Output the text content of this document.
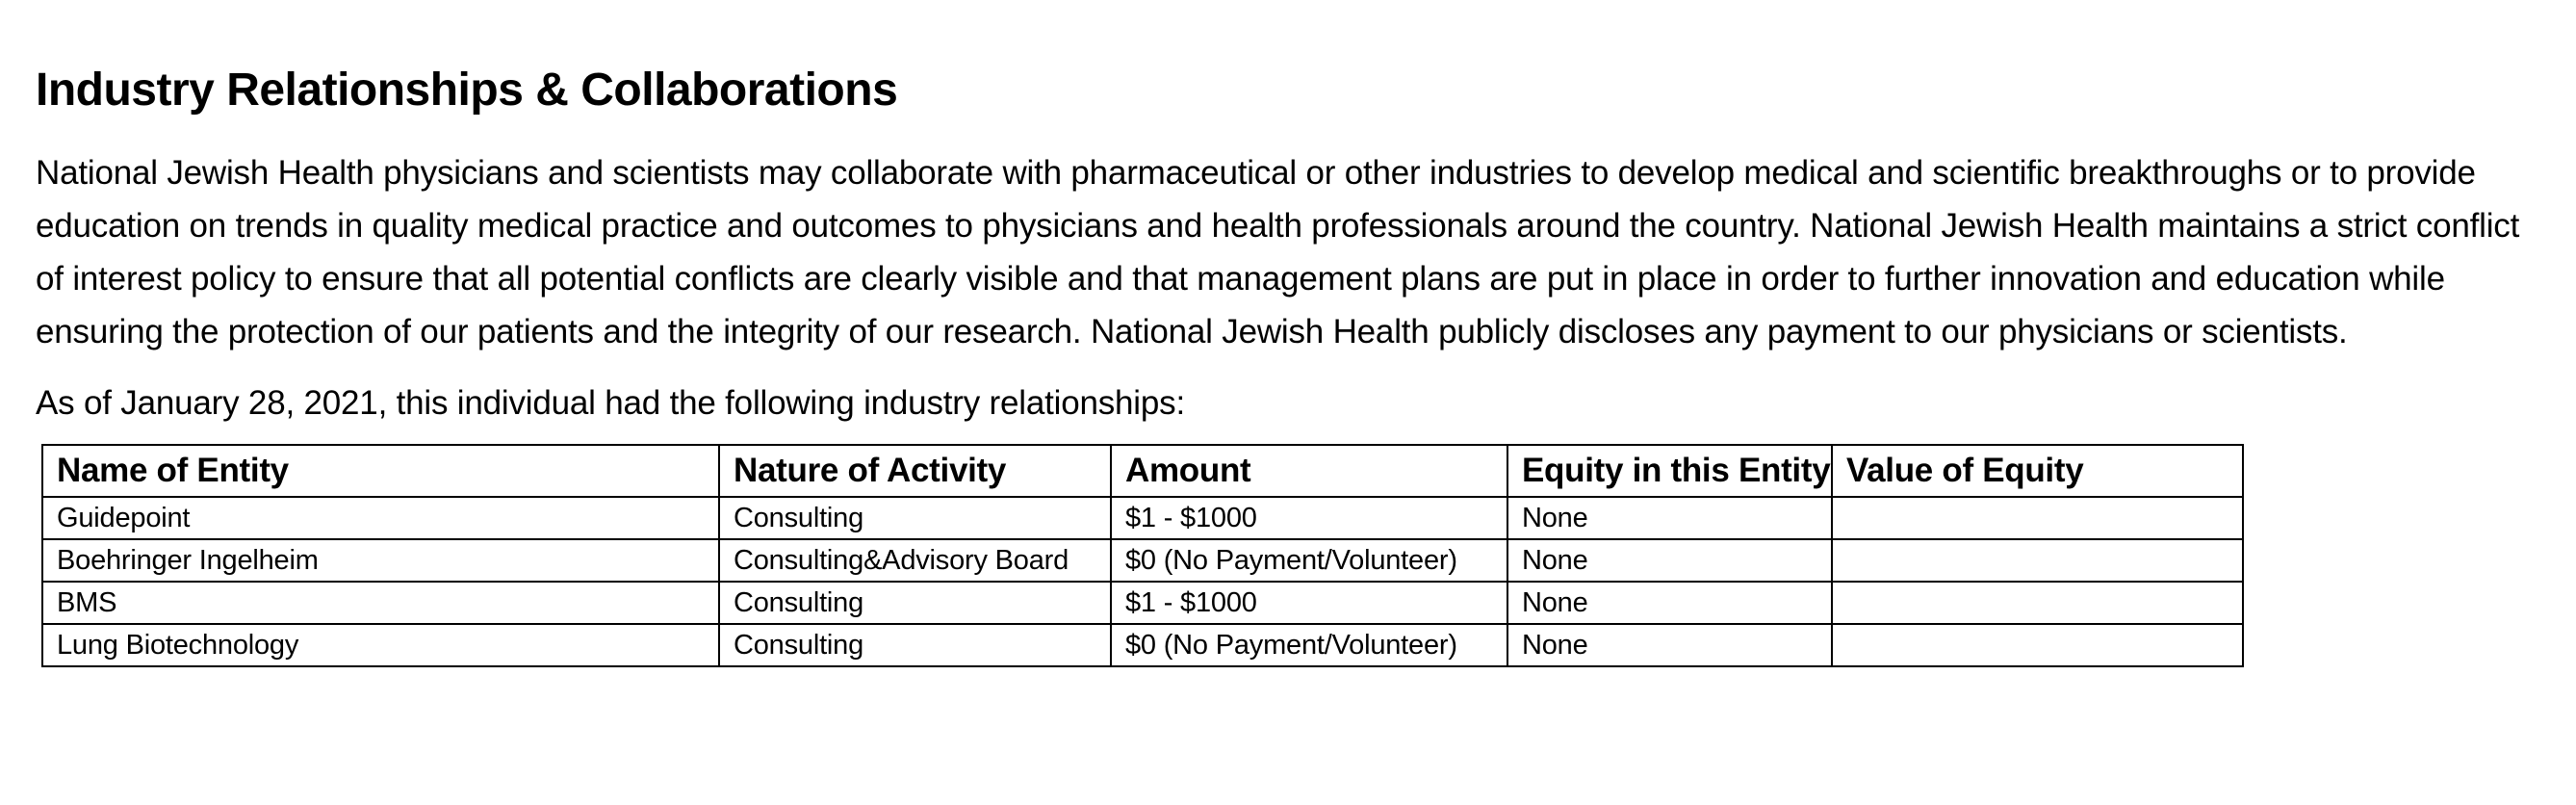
Industry Relationships & Collaborations

National Jewish Health physicians and scientists may collaborate with pharmaceutical or other industries to develop medical and scientific breakthroughs or to provide education on trends in quality medical practice and outcomes to physicians and health professionals around the country. National Jewish Health maintains a strict conflict of interest policy to ensure that all potential conflicts are clearly visible and that management plans are put in place in order to further innovation and education while ensuring the protection of our patients and the integrity of our research. National Jewish Health publicly discloses any payment to our physicians or scientists.

As of January 28, 2021, this individual had the following industry relationships:

Name of Entity	Nature of Activity	Amount	Equity in this Entity	Value of Equity
Guidepoint	Consulting	$1 - $1000	None	
Boehringer Ingelheim	Consulting&Advisory Board	$0 (No Payment/Volunteer)	None	
BMS	Consulting	$1 - $1000	None	
Lung Biotechnology	Consulting	$0 (No Payment/Volunteer)	None	
